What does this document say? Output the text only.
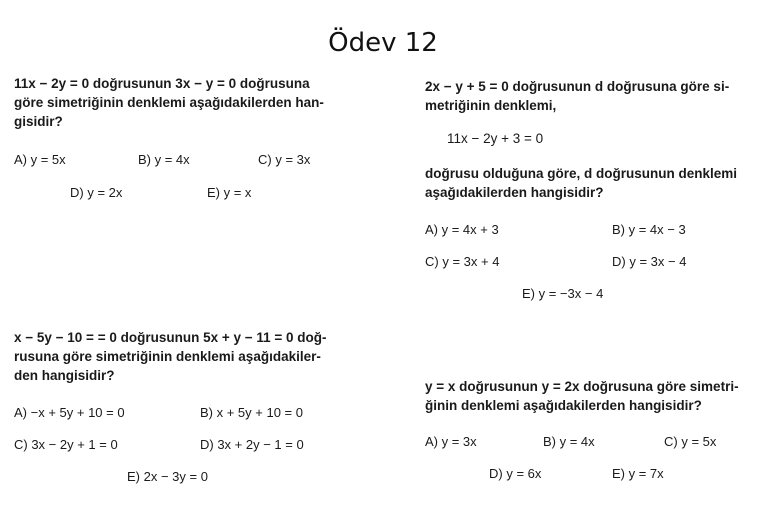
Ödev 12
11x − 2y = 0 doğrusunun 3x − y = 0 doğrusuna
göre simetriğinin denklemi aşağıdakilerden han-
gisidir?
A) y = 5x	B) y = 4x	C) y = 3x
D) y = 2x	E) y = x
2x − y + 5 = 0 doğrusunun d doğrusuna göre si-
metriğinin denklemi,
11x − 2y + 3 = 0
doğrusu olduğuna göre, d doğrusunun denklemi
aşağıdakilerden hangisidir?
A) y = 4x + 3	B) y = 4x − 3
C) y = 3x + 4	D) y = 3x − 4
E) y = −3x − 4
x − 5y − 10 = = 0 doğrusunun 5x + y − 11 = 0 doğ-
rusuna göre simetriğinin denklemi aşağıdakiler-
den hangisidir?
A) −x + 5y + 10 = 0	B) x + 5y + 10 = 0
C) 3x − 2y + 1 = 0	D) 3x + 2y − 1 = 0
E) 2x − 3y = 0
y = x doğrusunun y = 2x doğrusuna göre simetri-
ğinin denklemi aşağıdakilerden hangisidir?
A) y = 3x	B) y = 4x	C) y = 5x
D) y = 6x	E) y = 7x
